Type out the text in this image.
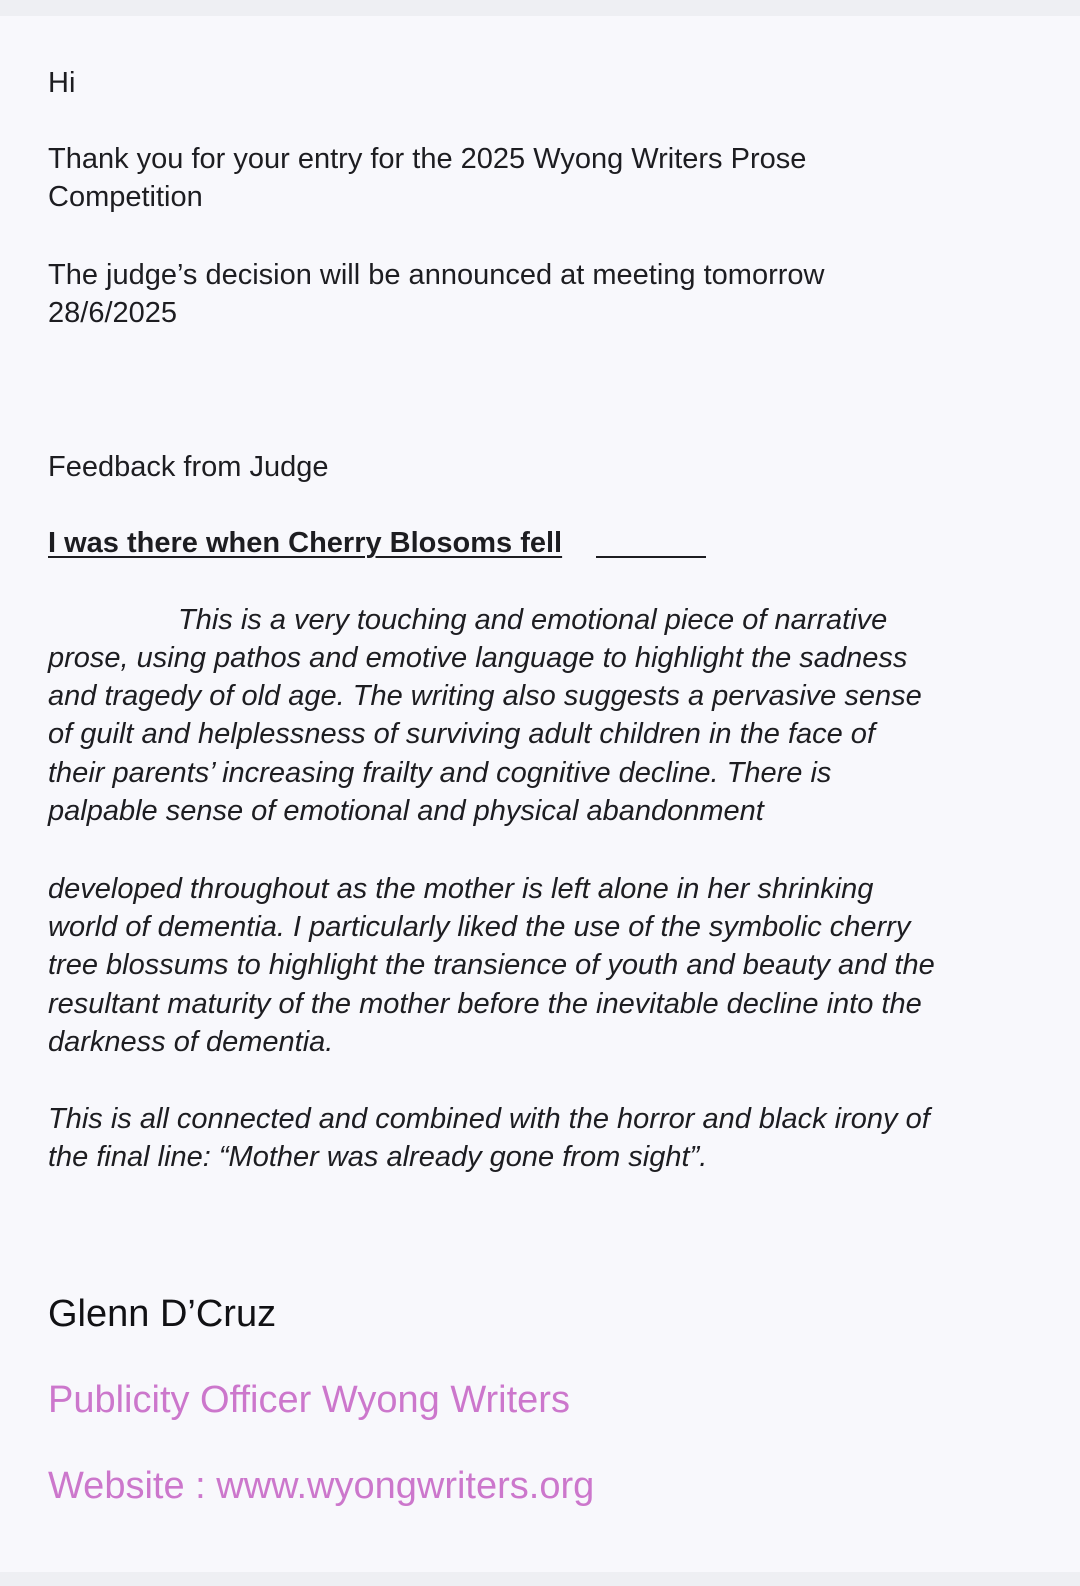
Hi

Thank you for your entry for the 2025 Wyong Writers Prose

Competition

The judge’s decision will be announced at meeting tomorrow

28/6/2025

Feedback from Judge

I was there when Cherry Blosoms fell

This is a very touching and emotional piece of narrative

prose, using pathos and emotive language to highlight the sadness

and tragedy of old age. The writing also suggests a pervasive sense

of guilt and helplessness of surviving adult children in the face of

their parents’ increasing frailty and cognitive decline. There is

palpable sense of emotional and physical abandonment

developed throughout as the mother is left alone in her shrinking

world of dementia. I particularly liked the use of the symbolic cherry

tree blossums to highlight the transience of youth and beauty and the

resultant maturity of the mother before the inevitable decline into the

darkness of dementia.

This is all connected and combined with the horror and black irony of

the final line: “Mother was already gone from sight”.

Glenn D’Cruz

Publicity Officer Wyong Writers

Website : www.wyongwriters.org
